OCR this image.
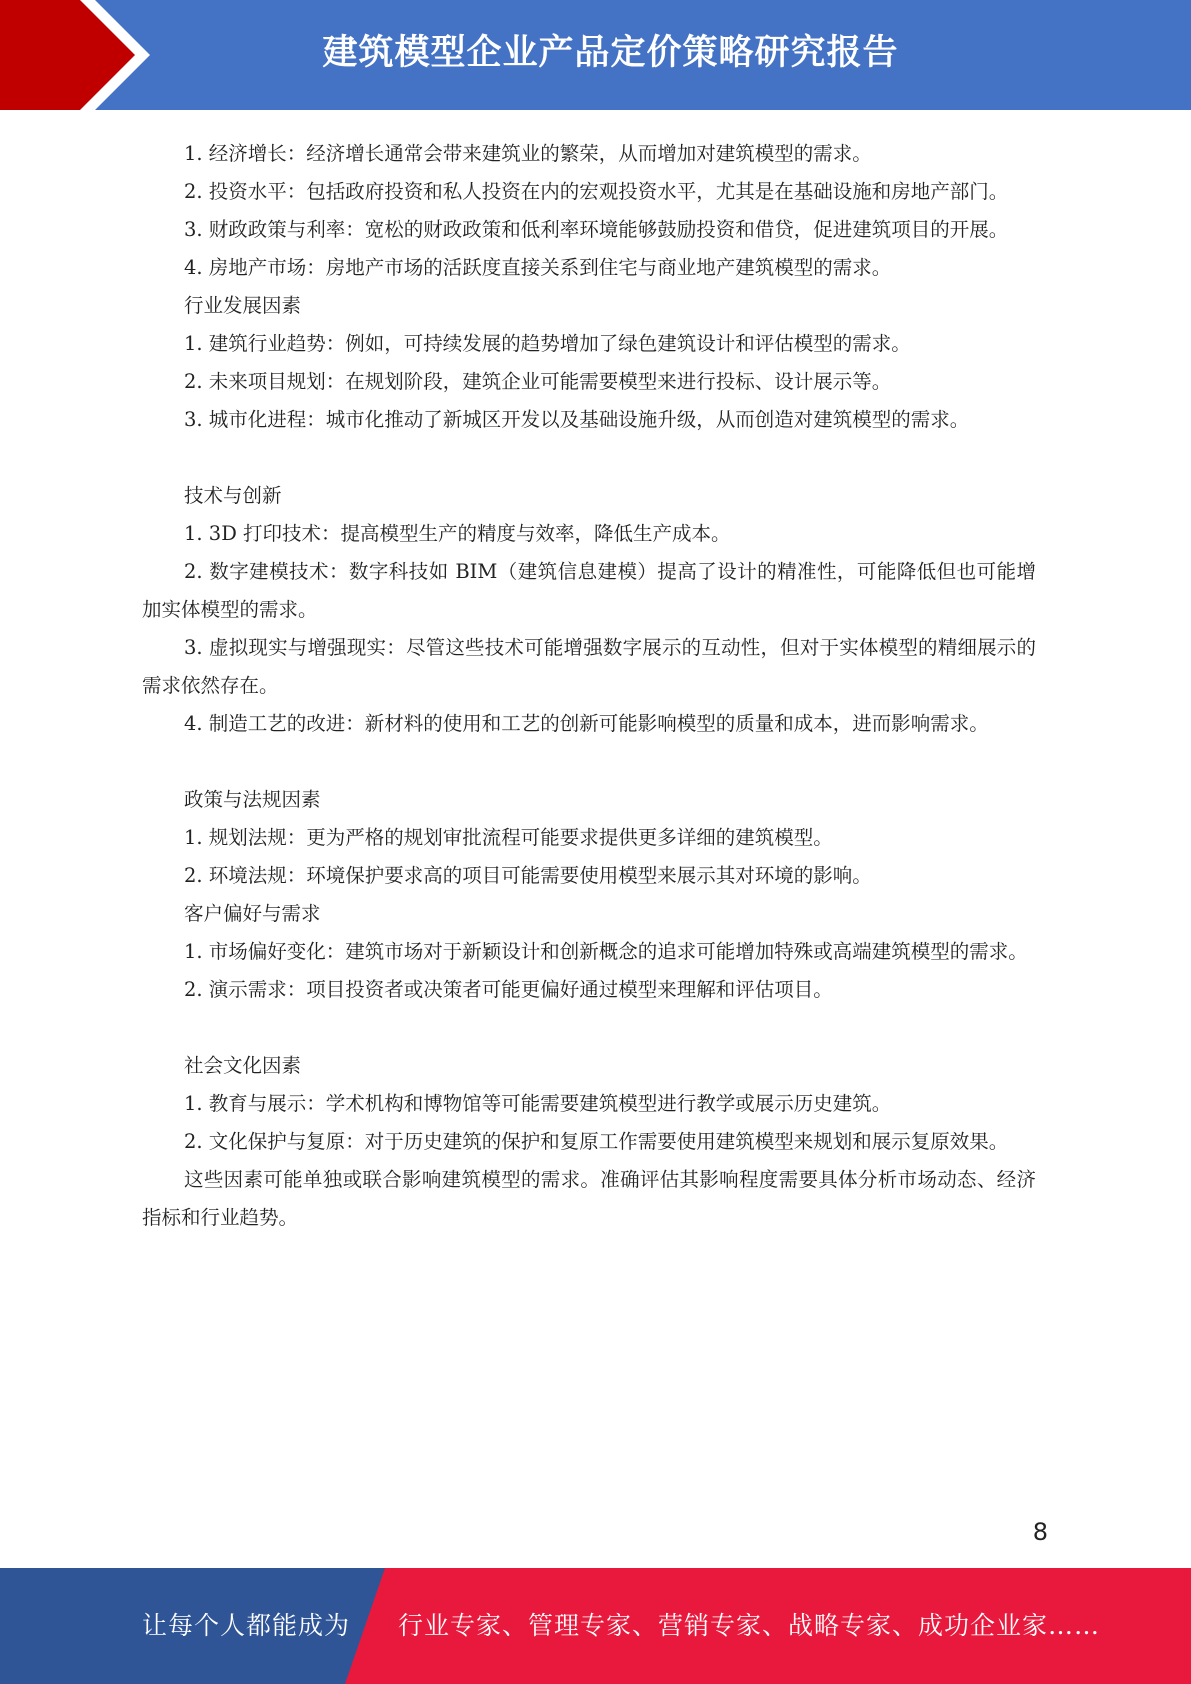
建筑模型企业产品定价策略研究报告

1. 经济增长：经济增长通常会带来建筑业的繁荣，从而增加对建筑模型的需求。

2. 投资水平：包括政府投资和私人投资在内的宏观投资水平，尤其是在基础设施和房地产部门。

3. 财政政策与利率：宽松的财政政策和低利率环境能够鼓励投资和借贷，促进建筑项目的开展。

4. 房地产市场：房地产市场的活跃度直接关系到住宅与商业地产建筑模型的需求。

行业发展因素

1. 建筑行业趋势：例如，可持续发展的趋势增加了绿色建筑设计和评估模型的需求。

2. 未来项目规划：在规划阶段，建筑企业可能需要模型来进行投标、设计展示等。

3. 城市化进程：城市化推动了新城区开发以及基础设施升级，从而创造对建筑模型的需求。

技术与创新

1. 3D 打印技术：提高模型生产的精度与效率，降低生产成本。

2. 数字建模技术：数字科技如 BIM（建筑信息建模）提高了设计的精准性，可能降低但也可能增加实体模型的需求。

3. 虚拟现实与增强现实：尽管这些技术可能增强数字展示的互动性，但对于实体模型的精细展示的需求依然存在。

4. 制造工艺的改进：新材料的使用和工艺的创新可能影响模型的质量和成本，进而影响需求。

政策与法规因素

1. 规划法规：更为严格的规划审批流程可能要求提供更多详细的建筑模型。

2. 环境法规：环境保护要求高的项目可能需要使用模型来展示其对环境的影响。

客户偏好与需求

1. 市场偏好变化：建筑市场对于新颖设计和创新概念的追求可能增加特殊或高端建筑模型的需求。

2. 演示需求：项目投资者或决策者可能更偏好通过模型来理解和评估项目。

社会文化因素

1. 教育与展示：学术机构和博物馆等可能需要建筑模型进行教学或展示历史建筑。

2. 文化保护与复原：对于历史建筑的保护和复原工作需要使用建筑模型来规划和展示复原效果。

这些因素可能单独或联合影响建筑模型的需求。准确评估其影响程度需要具体分析市场动态、经济指标和行业趋势。

8
让每个人都能成为 行业专家、管理专家、营销专家、战略专家、成功企业家……
